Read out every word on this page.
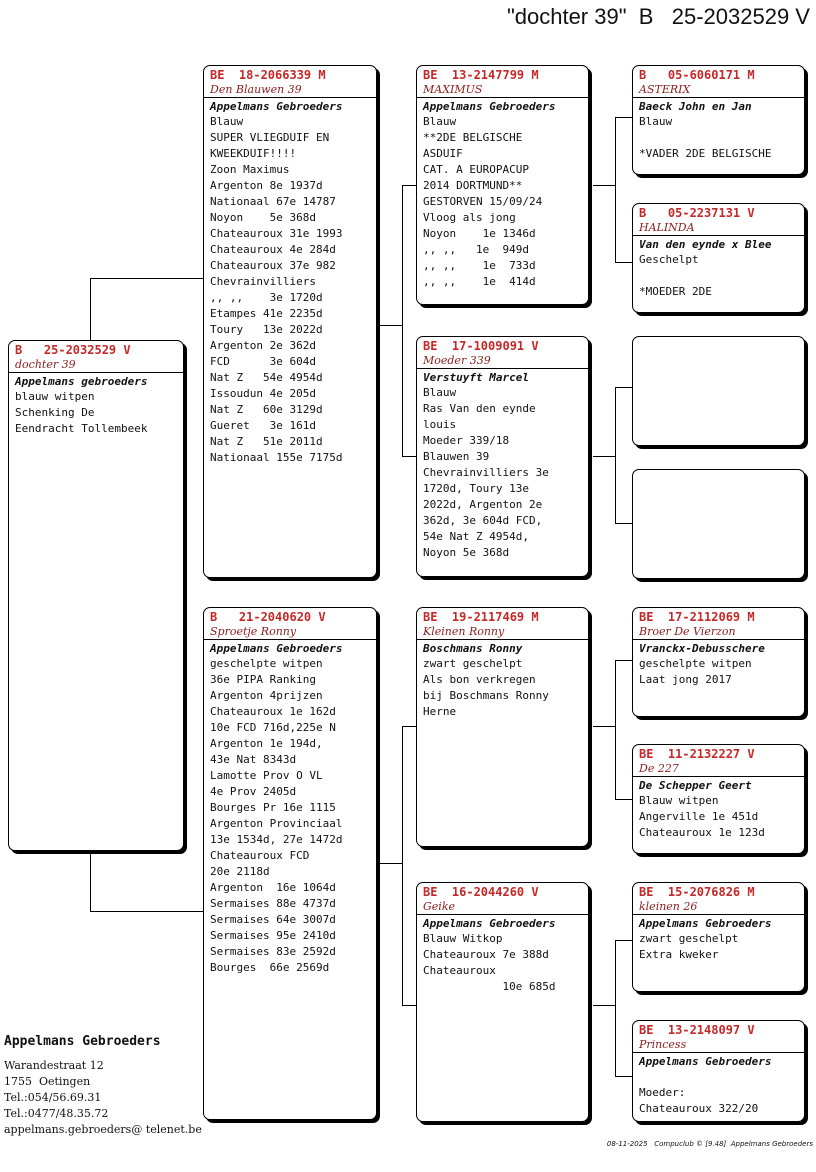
"dochter 39"  B   25-2032529 V
B   25-2032529 V
dochter 39
Appelmans gebroeders
blauw witpen
Schenking De
Eendracht Tollembeek
BE  18-2066339 M
Den Blauwen 39
Appelmans Gebroeders
Blauw
SUPER VLIEGDUIF EN
KWEEKDUIF!!!!
Zoon Maximus
Argenton 8e 1937d
Nationaal 67e 14787
Noyon    5e 368d
Chateauroux 31e 1993
Chateauroux 4e 284d
Chateauroux 37e 982
Chevrainvilliers
,, ,,    3e 1720d
Etampes 41e 2235d
Toury   13e 2022d
Argenton 2e 362d
FCD      3e 604d
Nat Z   54e 4954d
Issoudun 4e 205d
Nat Z   60e 3129d
Gueret   3e 161d
Nat Z   51e 2011d
Nationaal 155e 7175d
B   21-2040620 V
Sproetje Ronny
Appelmans Gebroeders
geschelpte witpen
36e PIPA Ranking
Argenton 4prijzen
Chateauroux 1e 162d
10e FCD 716d,225e N
Argenton 1e 194d,
43e Nat 8343d
Lamotte Prov O VL
4e Prov 2405d
Bourges Pr 16e 1115
Argenton Provinciaal
13e 1534d, 27e 1472d
Chateauroux FCD
20e 2118d
Argenton  16e 1064d
Sermaises 88e 4737d
Sermaises 64e 3007d
Sermaises 95e 2410d
Sermaises 83e 2592d
Bourges  66e 2569d
BE  13-2147799 M
MAXIMUS
Appelmans Gebroeders
Blauw
**2DE BELGISCHE
ASDUIF
CAT. A EUROPACUP
2014 DORTMUND**
GESTORVEN 15/09/24
Vloog als jong
Noyon    1e 1346d
,, ,,   1e  949d
,, ,,    1e  733d
,, ,,    1e  414d
BE  17-1009091 V
Moeder 339
Verstuyft Marcel
Blauw
Ras Van den eynde
louis
Moeder 339/18
Blauwen 39
Chevrainvilliers 3e
1720d, Toury 13e
2022d, Argenton 2e
362d, 3e 604d FCD,
54e Nat Z 4954d,
Noyon 5e 368d
BE  19-2117469 M
Kleinen Ronny
Boschmans Ronny
zwart geschelpt
Als bon verkregen
bij Boschmans Ronny
Herne
BE  16-2044260 V
Geike
Appelmans Gebroeders
Blauw Witkop
Chateauroux 7e 388d
Chateauroux
10e 685d
B   05-6060171 M
ASTERIX
Baeck John en Jan
Blauw

*VADER 2DE BELGISCHE
B   05-2237131 V
HALINDA
Van den eynde x Blee
Geschelpt

*MOEDER 2DE
BE  17-2112069 M
Broer De Vierzon
Vranckx-Debusschere
geschelpte witpen
Laat jong 2017
BE  11-2132227 V
De 227
De Schepper Geert
Blauw witpen
Angerville 1e 451d
Chateauroux 1e 123d
BE  15-2076826 M
kleinen 26
Appelmans Gebroeders
zwart geschelpt
Extra kweker
BE  13-2148097 V
Princess
Appelmans Gebroeders

Moeder:
Chateauroux 322/20
Appelmans Gebroeders
Warandestraat 12
1755  Oetingen
Tel.:054/56.69.31
Tel.:0477/48.35.72
appelmans.gebroeders@ telenet.be
08-11-2025   Compuclub © [9.48]  Appelmans Gebroeders
